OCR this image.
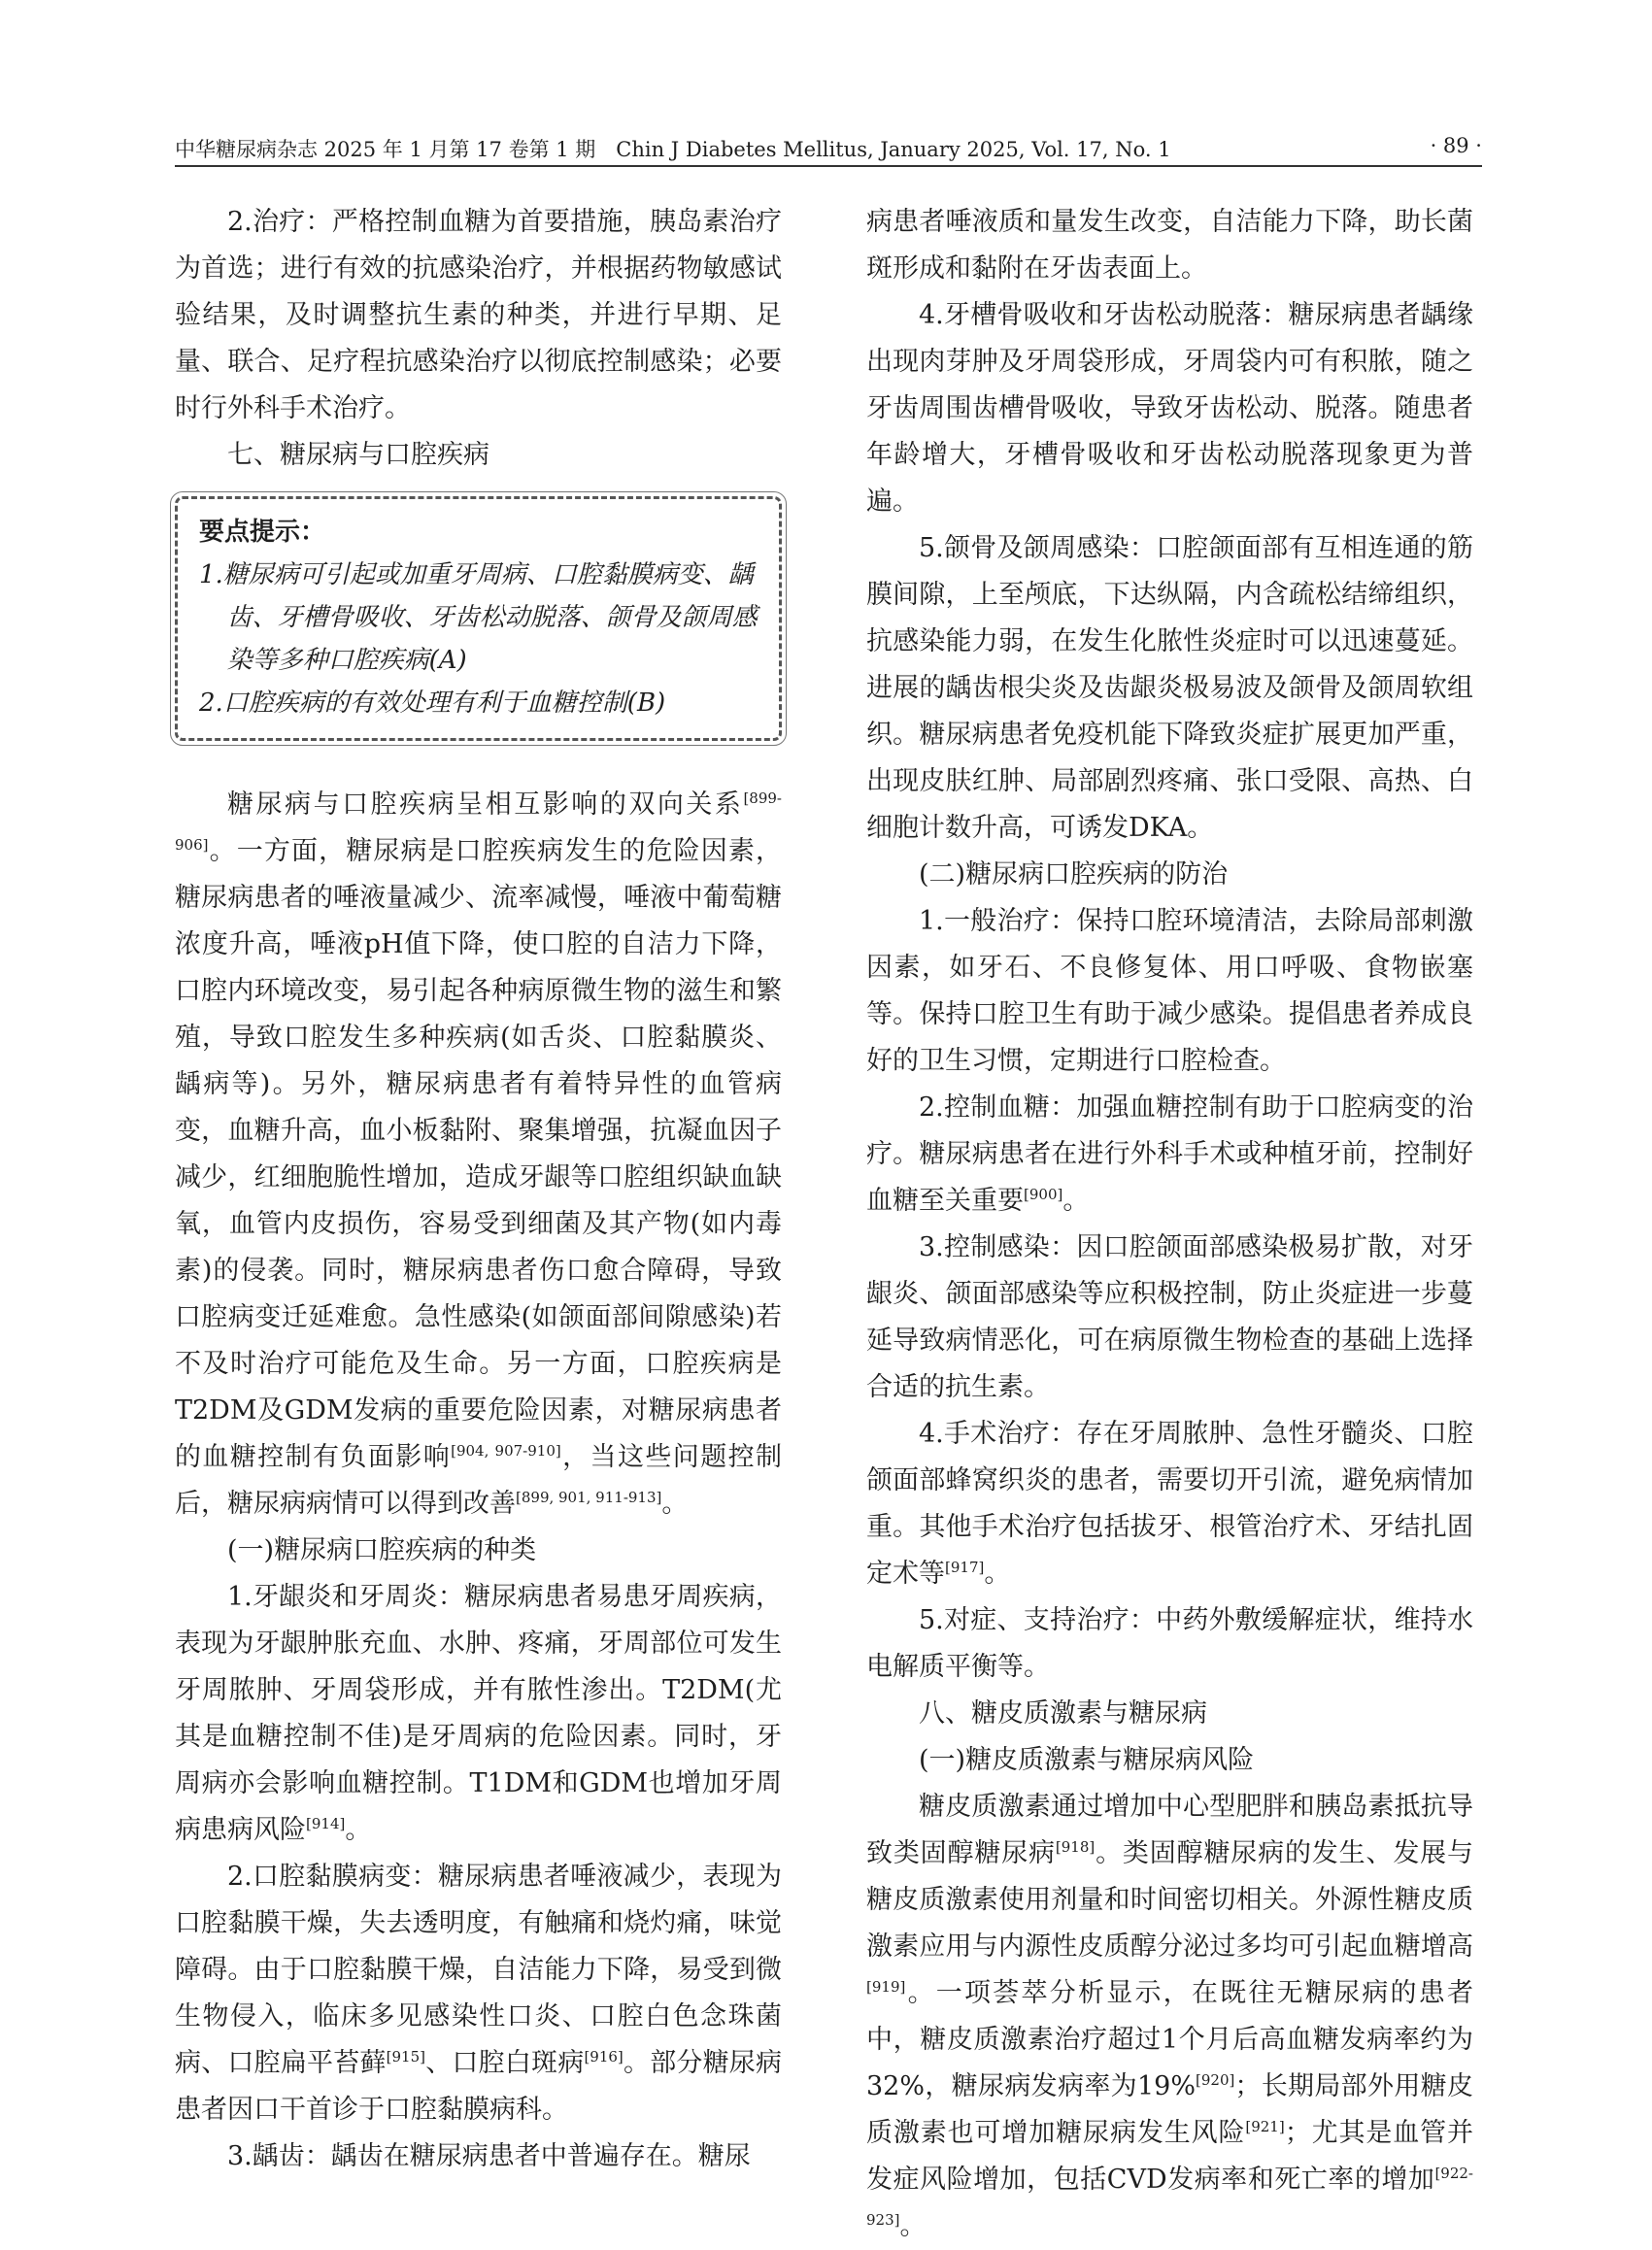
中华糖尿病杂志 2025 年 1 月第 17 卷第 1 期　Chin J Diabetes Mellitus, January 2025, Vol. 17, No. 1	· 89 ·

2.治疗：严格控制血糖为首要措施，胰岛素治疗为首选；进行有效的抗感染治疗，并根据药物敏感试验结果，及时调整抗生素的种类，并进行早期、足量、联合、足疗程抗感染治疗以彻底控制感染；必要时行外科手术治疗。

七、糖尿病与口腔疾病

要点提示：
1.糖尿病可引起或加重牙周病、口腔黏膜病变、龋齿、牙槽骨吸收、牙齿松动脱落、颌骨及颌周感染等多种口腔疾病(A)
2.口腔疾病的有效处理有利于血糖控制(B)

糖尿病与口腔疾病呈相互影响的双向关系[899-906]。一方面，糖尿病是口腔疾病发生的危险因素，糖尿病患者的唾液量减少、流率减慢，唾液中葡萄糖浓度升高，唾液pH值下降，使口腔的自洁力下降，口腔内环境改变，易引起各种病原微生物的滋生和繁殖，导致口腔发生多种疾病(如舌炎、口腔黏膜炎、龋病等)。另外，糖尿病患者有着特异性的血管病变，血糖升高，血小板黏附、聚集增强，抗凝血因子减少，红细胞脆性增加，造成牙龈等口腔组织缺血缺氧，血管内皮损伤，容易受到细菌及其产物(如内毒素)的侵袭。同时，糖尿病患者伤口愈合障碍，导致口腔病变迁延难愈。急性感染(如颌面部间隙感染)若不及时治疗可能危及生命。另一方面，口腔疾病是T2DM及GDM发病的重要危险因素，对糖尿病患者的血糖控制有负面影响[904, 907-910]，当这些问题控制后，糖尿病病情可以得到改善[899, 901, 911-913]。

(一)糖尿病口腔疾病的种类

1.牙龈炎和牙周炎：糖尿病患者易患牙周疾病，表现为牙龈肿胀充血、水肿、疼痛，牙周部位可发生牙周脓肿、牙周袋形成，并有脓性渗出。T2DM(尤其是血糖控制不佳)是牙周病的危险因素。同时，牙周病亦会影响血糖控制。T1DM和GDM也增加牙周病患病风险[914]。

2.口腔黏膜病变：糖尿病患者唾液减少，表现为口腔黏膜干燥，失去透明度，有触痛和烧灼痛，味觉障碍。由于口腔黏膜干燥，自洁能力下降，易受到微生物侵入，临床多见感染性口炎、口腔白色念珠菌病、口腔扁平苔藓[915]、口腔白斑病[916]。部分糖尿病患者因口干首诊于口腔黏膜病科。

3.龋齿：龋齿在糖尿病患者中普遍存在。糖尿

病患者唾液质和量发生改变，自洁能力下降，助长菌斑形成和黏附在牙齿表面上。

4.牙槽骨吸收和牙齿松动脱落：糖尿病患者龋缘出现肉芽肿及牙周袋形成，牙周袋内可有积脓，随之牙齿周围齿槽骨吸收，导致牙齿松动、脱落。随患者年龄增大，牙槽骨吸收和牙齿松动脱落现象更为普遍。

5.颌骨及颌周感染：口腔颌面部有互相连通的筋膜间隙，上至颅底，下达纵隔，内含疏松结缔组织，抗感染能力弱，在发生化脓性炎症时可以迅速蔓延。进展的龋齿根尖炎及齿龈炎极易波及颌骨及颌周软组织。糖尿病患者免疫机能下降致炎症扩展更加严重，出现皮肤红肿、局部剧烈疼痛、张口受限、高热、白细胞计数升高，可诱发DKA。

(二)糖尿病口腔疾病的防治

1.一般治疗：保持口腔环境清洁，去除局部刺激因素，如牙石、不良修复体、用口呼吸、食物嵌塞等。保持口腔卫生有助于减少感染。提倡患者养成良好的卫生习惯，定期进行口腔检查。

2.控制血糖：加强血糖控制有助于口腔病变的治疗。糖尿病患者在进行外科手术或种植牙前，控制好血糖至关重要[900]。

3.控制感染：因口腔颌面部感染极易扩散，对牙龈炎、颌面部感染等应积极控制，防止炎症进一步蔓延导致病情恶化，可在病原微生物检查的基础上选择合适的抗生素。

4.手术治疗：存在牙周脓肿、急性牙髓炎、口腔颌面部蜂窝织炎的患者，需要切开引流，避免病情加重。其他手术治疗包括拔牙、根管治疗术、牙结扎固定术等[917]。

5.对症、支持治疗：中药外敷缓解症状，维持水电解质平衡等。

八、糖皮质激素与糖尿病

(一)糖皮质激素与糖尿病风险

糖皮质激素通过增加中心型肥胖和胰岛素抵抗导致类固醇糖尿病[918]。类固醇糖尿病的发生、发展与糖皮质激素使用剂量和时间密切相关。外源性糖皮质激素应用与内源性皮质醇分泌过多均可引起血糖增高[919]。一项荟萃分析显示，在既往无糖尿病的患者中，糖皮质激素治疗超过1个月后高血糖发病率约为32%，糖尿病发病率为19%[920]；长期局部外用糖皮质激素也可增加糖尿病发生风险[921]；尤其是血管并发症风险增加，包括CVD发病率和死亡率的增加[922-923]。
